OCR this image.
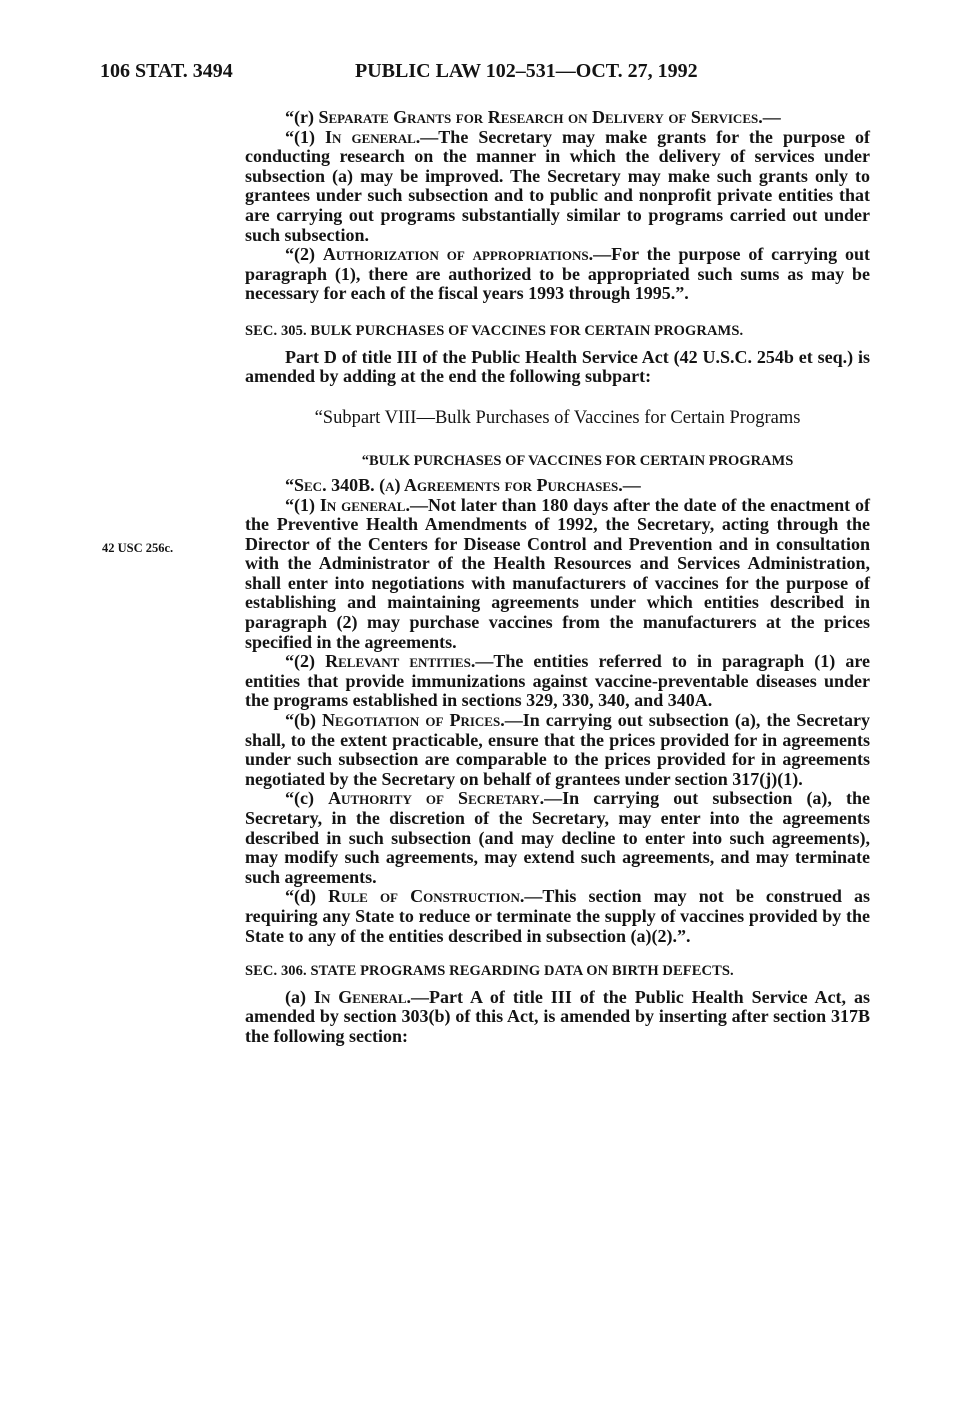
106 STAT. 3494	PUBLIC LAW 102–531—OCT. 27, 1992
42 USC 256c.

“(r) Separate Grants for Research on Delivery of Services.—

“(1) In general.—The Secretary may make grants for the purpose of conducting research on the manner in which the delivery of services under subsection (a) may be improved. The Secretary may make such grants only to grantees under such subsection and to public and nonprofit private entities that are carrying out programs substantially similar to programs carried out under such subsection.

“(2) Authorization of appropriations.—For the purpose of carrying out paragraph (1), there are authorized to be appropriated such sums as may be necessary for each of the fiscal years 1993 through 1995.”.

SEC. 305. BULK PURCHASES OF VACCINES FOR CERTAIN PROGRAMS.

Part D of title III of the Public Health Service Act (42 U.S.C. 254b et seq.) is amended by adding at the end the following subpart:

“Subpart VIII—Bulk Purchases of Vaccines for Certain Programs

“BULK PURCHASES OF VACCINES FOR CERTAIN PROGRAMS

“Sec. 340B. (a) Agreements for Purchases.—

“(1) In general.—Not later than 180 days after the date of the enactment of the Preventive Health Amendments of 1992, the Secretary, acting through the Director of the Centers for Disease Control and Prevention and in consultation with the Administrator of the Health Resources and Services Administration, shall enter into negotiations with manufacturers of vaccines for the purpose of establishing and maintaining agreements under which entities described in paragraph (2) may purchase vaccines from the manufacturers at the prices specified in the agreements.

“(2) Relevant entities.—The entities referred to in paragraph (1) are entities that provide immunizations against vaccine-preventable diseases under the programs established in sections 329, 330, 340, and 340A.

“(b) Negotiation of Prices.—In carrying out subsection (a), the Secretary shall, to the extent practicable, ensure that the prices provided for in agreements under such subsection are comparable to the prices provided for in agreements negotiated by the Secretary on behalf of grantees under section 317(j)(1).

“(c) Authority of Secretary.—In carrying out subsection (a), the Secretary, in the discretion of the Secretary, may enter into the agreements described in such subsection (and may decline to enter into such agreements), may modify such agreements, may extend such agreements, and may terminate such agreements.

“(d) Rule of Construction.—This section may not be construed as requiring any State to reduce or terminate the supply of vaccines provided by the State to any of the entities described in subsection (a)(2).”.

SEC. 306. STATE PROGRAMS REGARDING DATA ON BIRTH DEFECTS.

(a) In General.—Part A of title III of the Public Health Service Act, as amended by section 303(b) of this Act, is amended by inserting after section 317B the following section:
